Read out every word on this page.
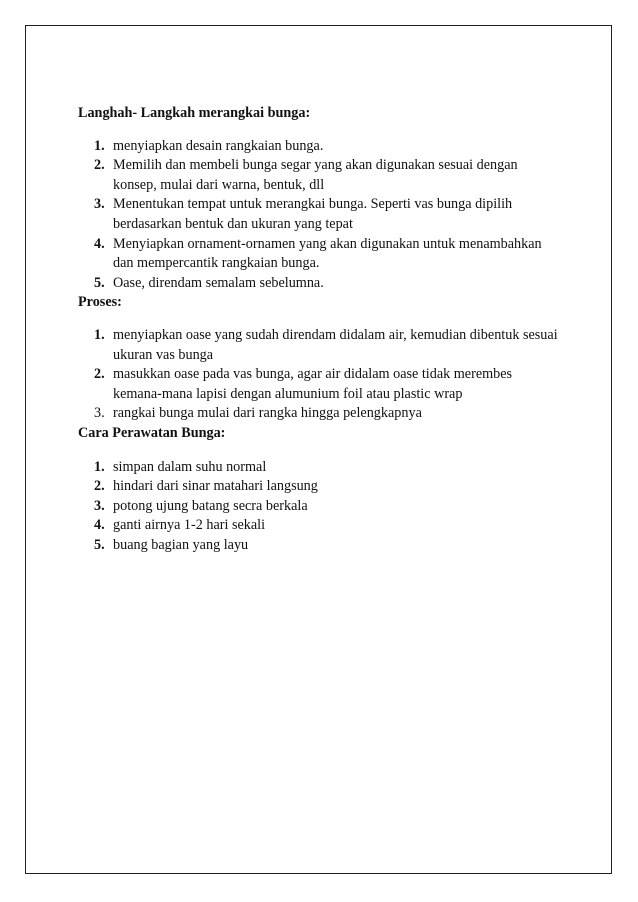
Langhah- Langkah merangkai bunga:

1. menyiapkan desain rangkaian bunga.
2. Memilih dan membeli bunga segar yang akan digunakan sesuai dengan konsep, mulai dari warna, bentuk, dll
3. Menentukan tempat untuk merangkai bunga. Seperti vas bunga dipilih berdasarkan bentuk dan ukuran yang tepat
4. Menyiapkan ornament-ornamen yang akan digunakan untuk menambahkan dan mempercantik rangkaian bunga.
5. Oase, direndam semalam sebelumna.

Proses:

1. menyiapkan oase yang sudah direndam didalam air, kemudian dibentuk sesuai ukuran vas bunga
2. masukkan oase pada vas bunga, agar air didalam oase tidak merembes kemana-mana lapisi dengan alumunium foil atau plastic wrap
3. rangkai bunga mulai dari rangka hingga pelengkapnya

Cara Perawatan Bunga:

1. simpan dalam suhu normal
2. hindari dari sinar matahari langsung
3. potong ujung batang secra berkala
4. ganti airnya 1-2 hari sekali
5. buang bagian yang layu
